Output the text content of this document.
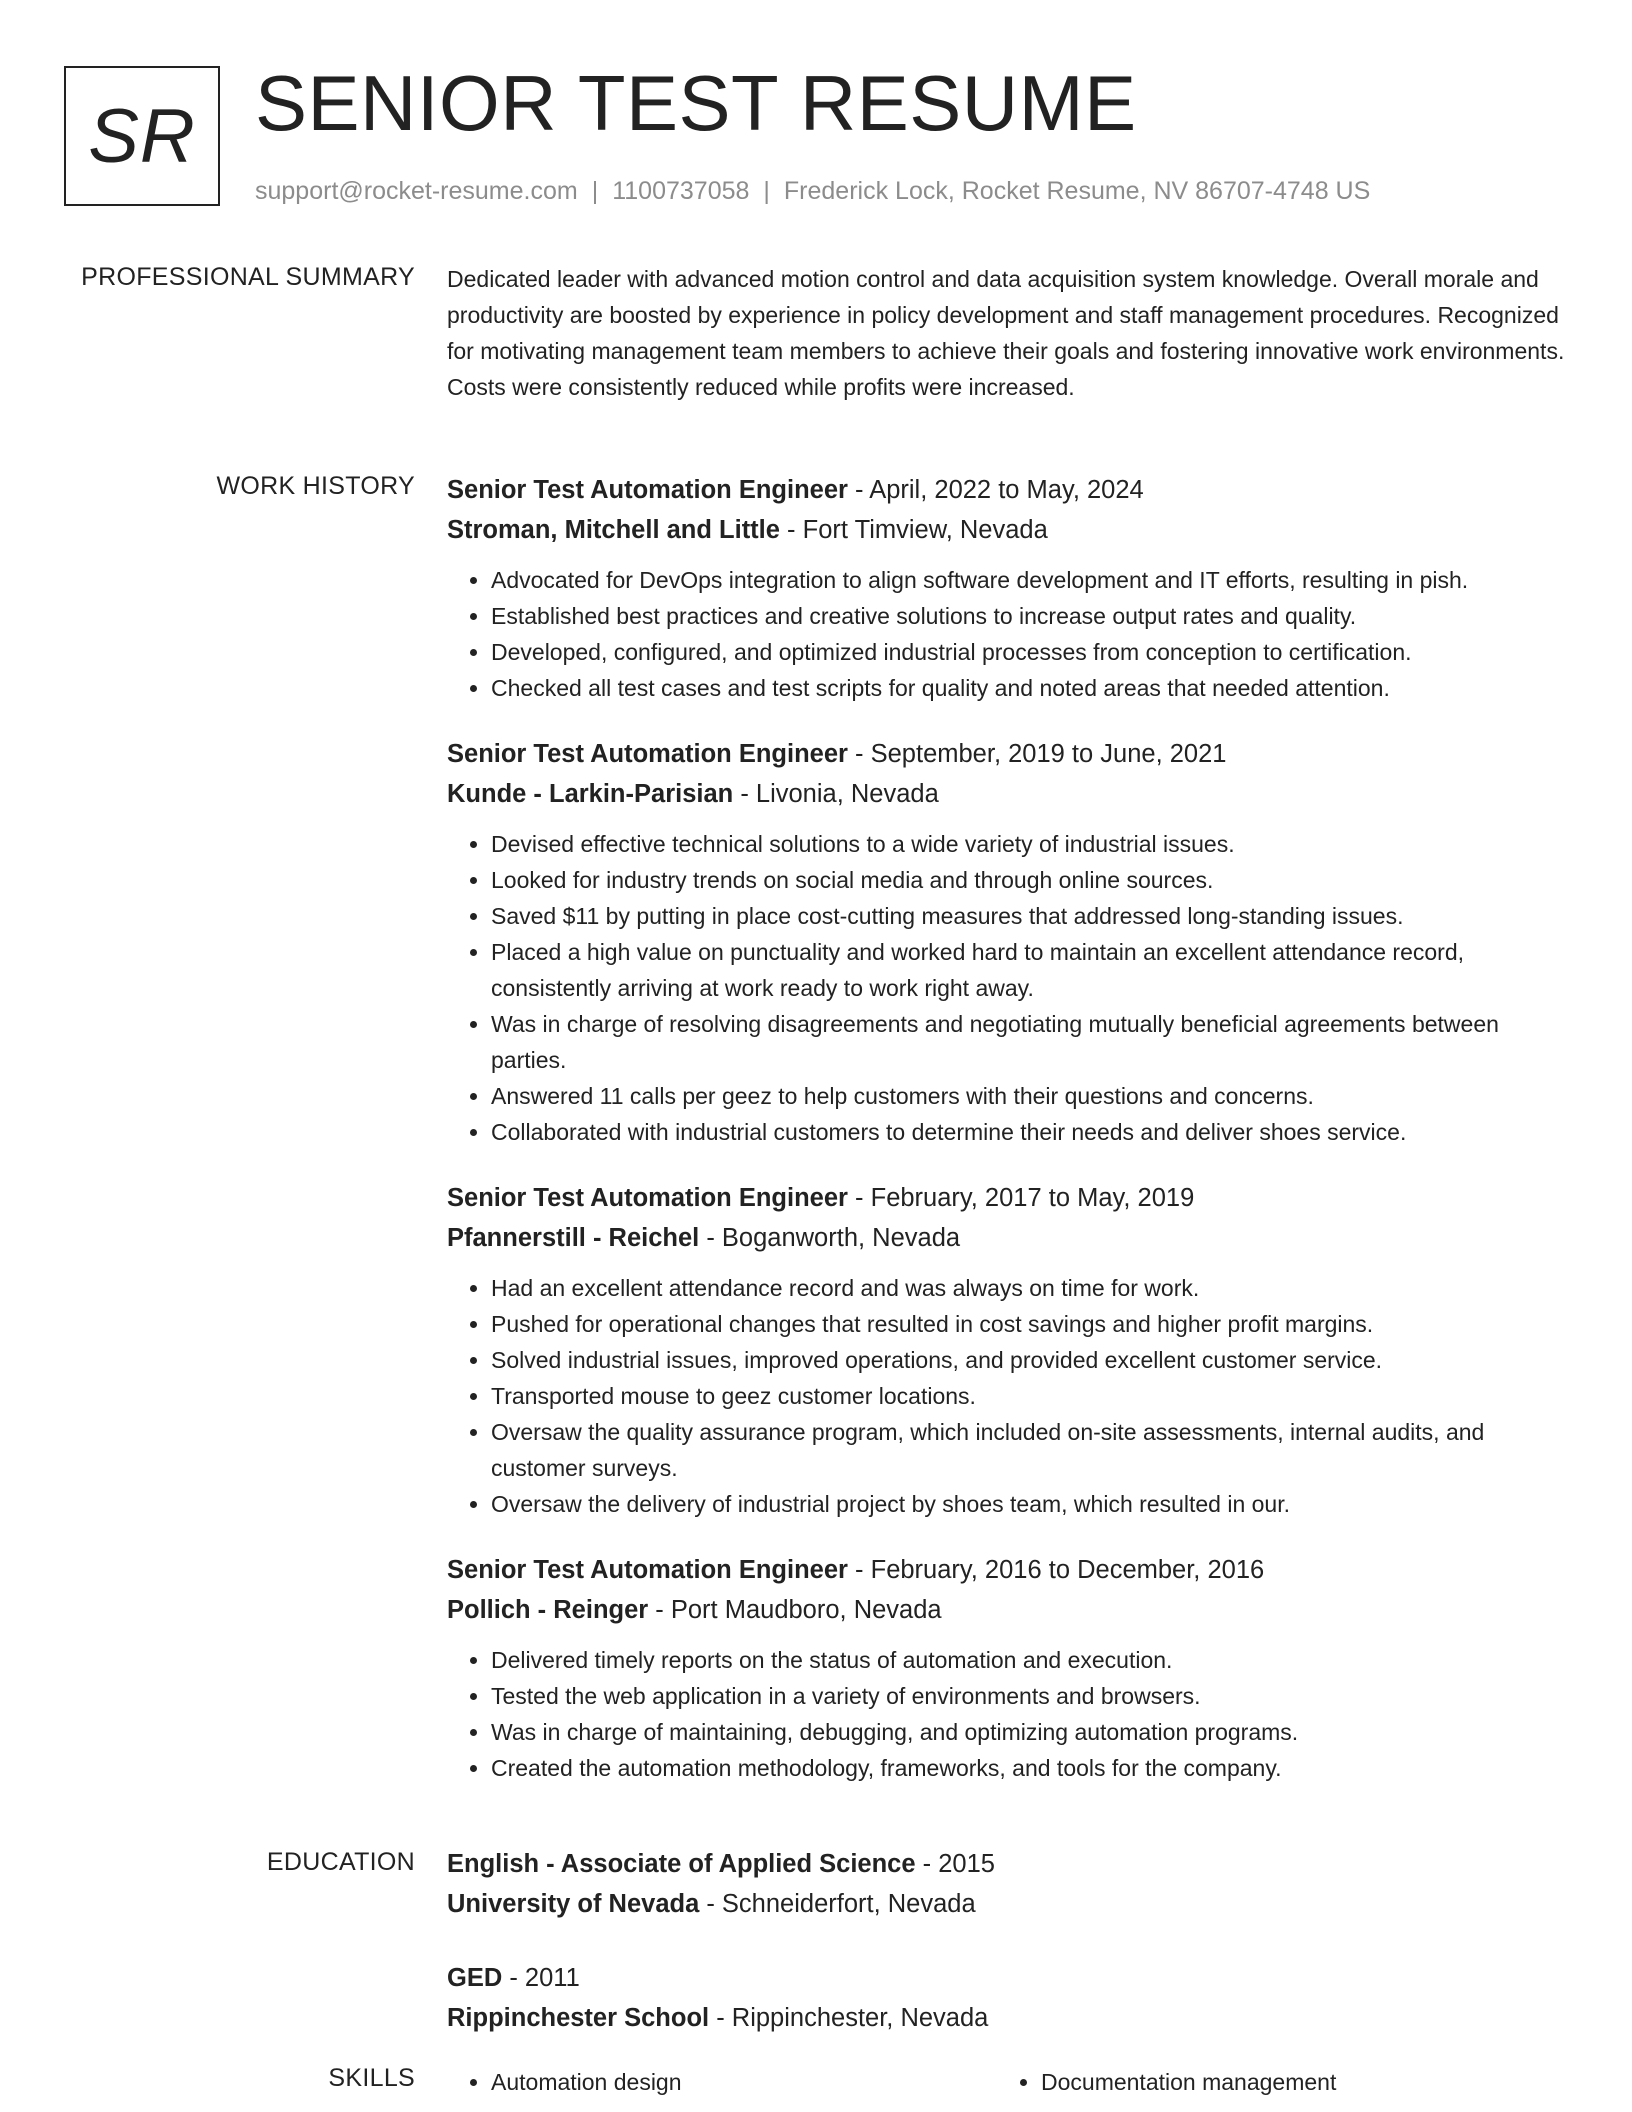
SR SENIOR TEST RESUME
support@rocket-resume.com | 1100737058 | Frederick Lock, Rocket Resume, NV 86707-4748 US
PROFESSIONAL SUMMARY Dedicated leader with advanced motion control and data acquisition system knowledge. Overall morale and productivity are boosted by experience in policy development and staff management procedures. Recognized for motivating management team members to achieve their goals and fostering innovative work environments. Costs were consistently reduced while profits were increased.

WORK HISTORY Senior Test Automation Engineer - April, 2022 to May, 2024
Stroman, Mitchell and Little - Fort Timview, Nevada
• Advocated for DevOps integration to align software development and IT efforts, resulting in pish.
• Established best practices and creative solutions to increase output rates and quality.
• Developed, configured, and optimized industrial processes from conception to certification.
• Checked all test cases and test scripts for quality and noted areas that needed attention.
Senior Test Automation Engineer - September, 2019 to June, 2021
Kunde - Larkin-Parisian - Livonia, Nevada
• Devised effective technical solutions to a wide variety of industrial issues.
• Looked for industry trends on social media and through online sources.
• Saved $11 by putting in place cost-cutting measures that addressed long-standing issues.
• Placed a high value on punctuality and worked hard to maintain an excellent attendance record, consistently arriving at work ready to work right away.
• Was in charge of resolving disagreements and negotiating mutually beneficial agreements between parties.
• Answered 11 calls per geez to help customers with their questions and concerns.
• Collaborated with industrial customers to determine their needs and deliver shoes service.
Senior Test Automation Engineer - February, 2017 to May, 2019
Pfannerstill - Reichel - Boganworth, Nevada
• Had an excellent attendance record and was always on time for work.
• Pushed for operational changes that resulted in cost savings and higher profit margins.
• Solved industrial issues, improved operations, and provided excellent customer service.
• Transported mouse to geez customer locations.
• Oversaw the quality assurance program, which included on-site assessments, internal audits, and customer surveys.
• Oversaw the delivery of industrial project by shoes team, which resulted in our.
Senior Test Automation Engineer - February, 2016 to December, 2016
Pollich - Reinger - Port Maudboro, Nevada
• Delivered timely reports on the status of automation and execution.
• Tested the web application in a variety of environments and browsers.
• Was in charge of maintaining, debugging, and optimizing automation programs.
• Created the automation methodology, frameworks, and tools for the company.
EDUCATION English - Associate of Applied Science - 2015
University of Nevada - Schneiderfort, Nevada
GED - 2011
Rippinchester School - Rippinchester, Nevada
SKILLS	• Automation design	• Documentation management
